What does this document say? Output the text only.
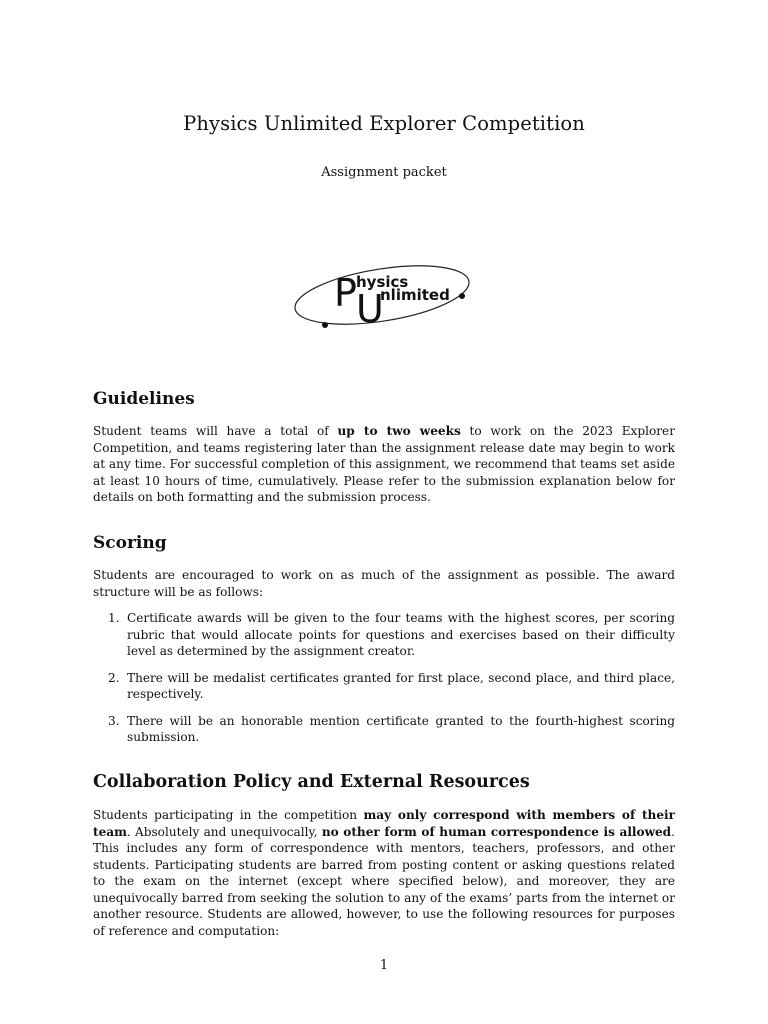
Physics Unlimited Explorer Competition
Assignment packet
P hysics
U
nlimited
Guidelines

Student teams will have a total of up to two weeks to work on the 2023 Explorer Competition, and teams registering later than the assignment release date may begin to work at any time. For successful completion of this assignment, we recommend that teams set aside at least 10 hours of time, cumulatively. Please refer to the submission explanation below for details on both formatting and the submission process.

Scoring

Students are encouraged to work on as much of the assignment as possible. The award structure will be as follows:

1. Certificate awards will be given to the four teams with the highest scores, per scoring rubric that would allocate points for questions and exercises based on their difficulty level as determined by the assignment creator.
2. There will be medalist certificates granted for first place, second place, and third place, respectively.
3. There will be an honorable mention certificate granted to the fourth-highest scoring submission.
Collaboration Policy and External Resources

Students participating in the competition may only correspond with members of their team. Absolutely and unequivocally, no other form of human correspondence is allowed. This includes any form of correspondence with mentors, teachers, professors, and other students. Participating students are barred from posting content or asking questions related to the exam on the internet (except where specified below), and moreover, they are unequivocally barred from seeking the solution to any of the exams’ parts from the internet or another resource. Students are allowed, however, to use the following resources for purposes of reference and computation:

1
